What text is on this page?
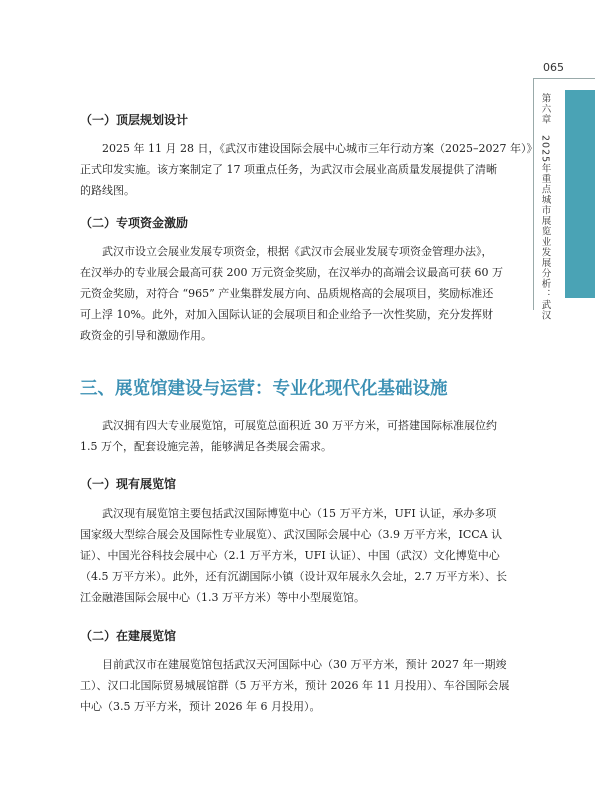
065
第六章　2025年重点城市展览业发展分析：武汉
（一）顶层规划设计
2025 年 11 月 28 日，《武汉市建设国际会展中心城市三年行动方案（2025–2027 年）》
正式印发实施。该方案制定了 17 项重点任务，为武汉市会展业高质量发展提供了清晰
的路线图。
（二）专项资金激励
武汉市设立会展业发展专项资金，根据《武汉市会展业发展专项资金管理办法》，
在汉举办的专业展会最高可获 200 万元资金奖励，在汉举办的高端会议最高可获 60 万
元资金奖励，对符合 “965” 产业集群发展方向、品质规格高的会展项目，奖励标准还
可上浮 10%。此外，对加入国际认证的会展项目和企业给予一次性奖励，充分发挥财
政资金的引导和激励作用。
三、展览馆建设与运营：专业化现代化基础设施
武汉拥有四大专业展览馆，可展览总面积近 30 万平方米，可搭建国际标准展位约
1.5 万个，配套设施完善，能够满足各类展会需求。
（一）现有展览馆
武汉现有展览馆主要包括武汉国际博览中心（15 万平方米，UFI 认证，承办多项
国家级大型综合展会及国际性专业展览）、武汉国际会展中心（3.9 万平方米，ICCA 认
证）、中国光谷科技会展中心（2.1 万平方米，UFI 认证）、中国（武汉）文化博览中心
（4.5 万平方米）。此外，还有沉湖国际小镇（设计双年展永久会址，2.7 万平方米）、长
江金融港国际会展中心（1.3 万平方米）等中小型展览馆。
（二）在建展览馆
目前武汉市在建展览馆包括武汉天河国际中心（30 万平方米，预计 2027 年一期竣
工）、汉口北国际贸易城展馆群（5 万平方米，预计 2026 年 11 月投用）、车谷国际会展
中心（3.5 万平方米，预计 2026 年 6 月投用）。
